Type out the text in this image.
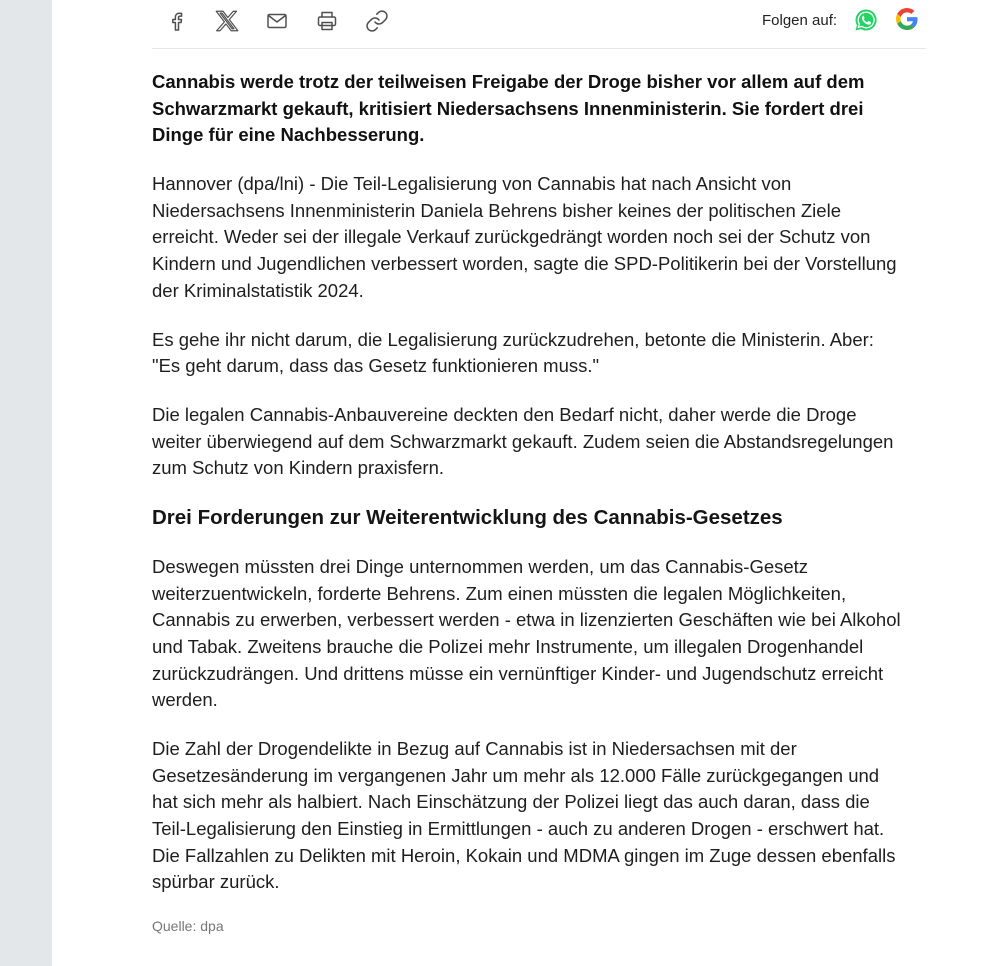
Folgen auf:

Cannabis werde trotz der teilweisen Freigabe der Droge bisher vor allem auf dem
Schwarzmarkt gekauft, kritisiert Niedersachsens Innenministerin. Sie fordert drei
Dinge für eine Nachbesserung.

Hannover (dpa/lni) - Die Teil-Legalisierung von Cannabis hat nach Ansicht von
Niedersachsens Innenministerin Daniela Behrens bisher keines der politischen Ziele
erreicht. Weder sei der illegale Verkauf zurückgedrängt worden noch sei der Schutz von
Kindern und Jugendlichen verbessert worden, sagte die SPD-Politikerin bei der Vorstellung
der Kriminalstatistik 2024.

Es gehe ihr nicht darum, die Legalisierung zurückzudrehen, betonte die Ministerin. Aber:
"Es geht darum, dass das Gesetz funktionieren muss."

Die legalen Cannabis-Anbauvereine deckten den Bedarf nicht, daher werde die Droge
weiter überwiegend auf dem Schwarzmarkt gekauft. Zudem seien die Abstandsregelungen
zum Schutz von Kindern praxisfern.

Drei Forderungen zur Weiterentwicklung des Cannabis-Gesetzes

Deswegen müssten drei Dinge unternommen werden, um das Cannabis-Gesetz
weiterzuentwickeln, forderte Behrens. Zum einen müssten die legalen Möglichkeiten,
Cannabis zu erwerben, verbessert werden - etwa in lizenzierten Geschäften wie bei Alkohol
und Tabak. Zweitens brauche die Polizei mehr Instrumente, um illegalen Drogenhandel
zurückzudrängen. Und drittens müsse ein vernünftiger Kinder- und Jugendschutz erreicht
werden.

Die Zahl der Drogendelikte in Bezug auf Cannabis ist in Niedersachsen mit der
Gesetzesänderung im vergangenen Jahr um mehr als 12.000 Fälle zurückgegangen und
hat sich mehr als halbiert. Nach Einschätzung der Polizei liegt das auch daran, dass die
Teil-Legalisierung den Einstieg in Ermittlungen - auch zu anderen Drogen - erschwert hat.
Die Fallzahlen zu Delikten mit Heroin, Kokain und MDMA gingen im Zuge dessen ebenfalls
spürbar zurück.

Quelle: dpa
